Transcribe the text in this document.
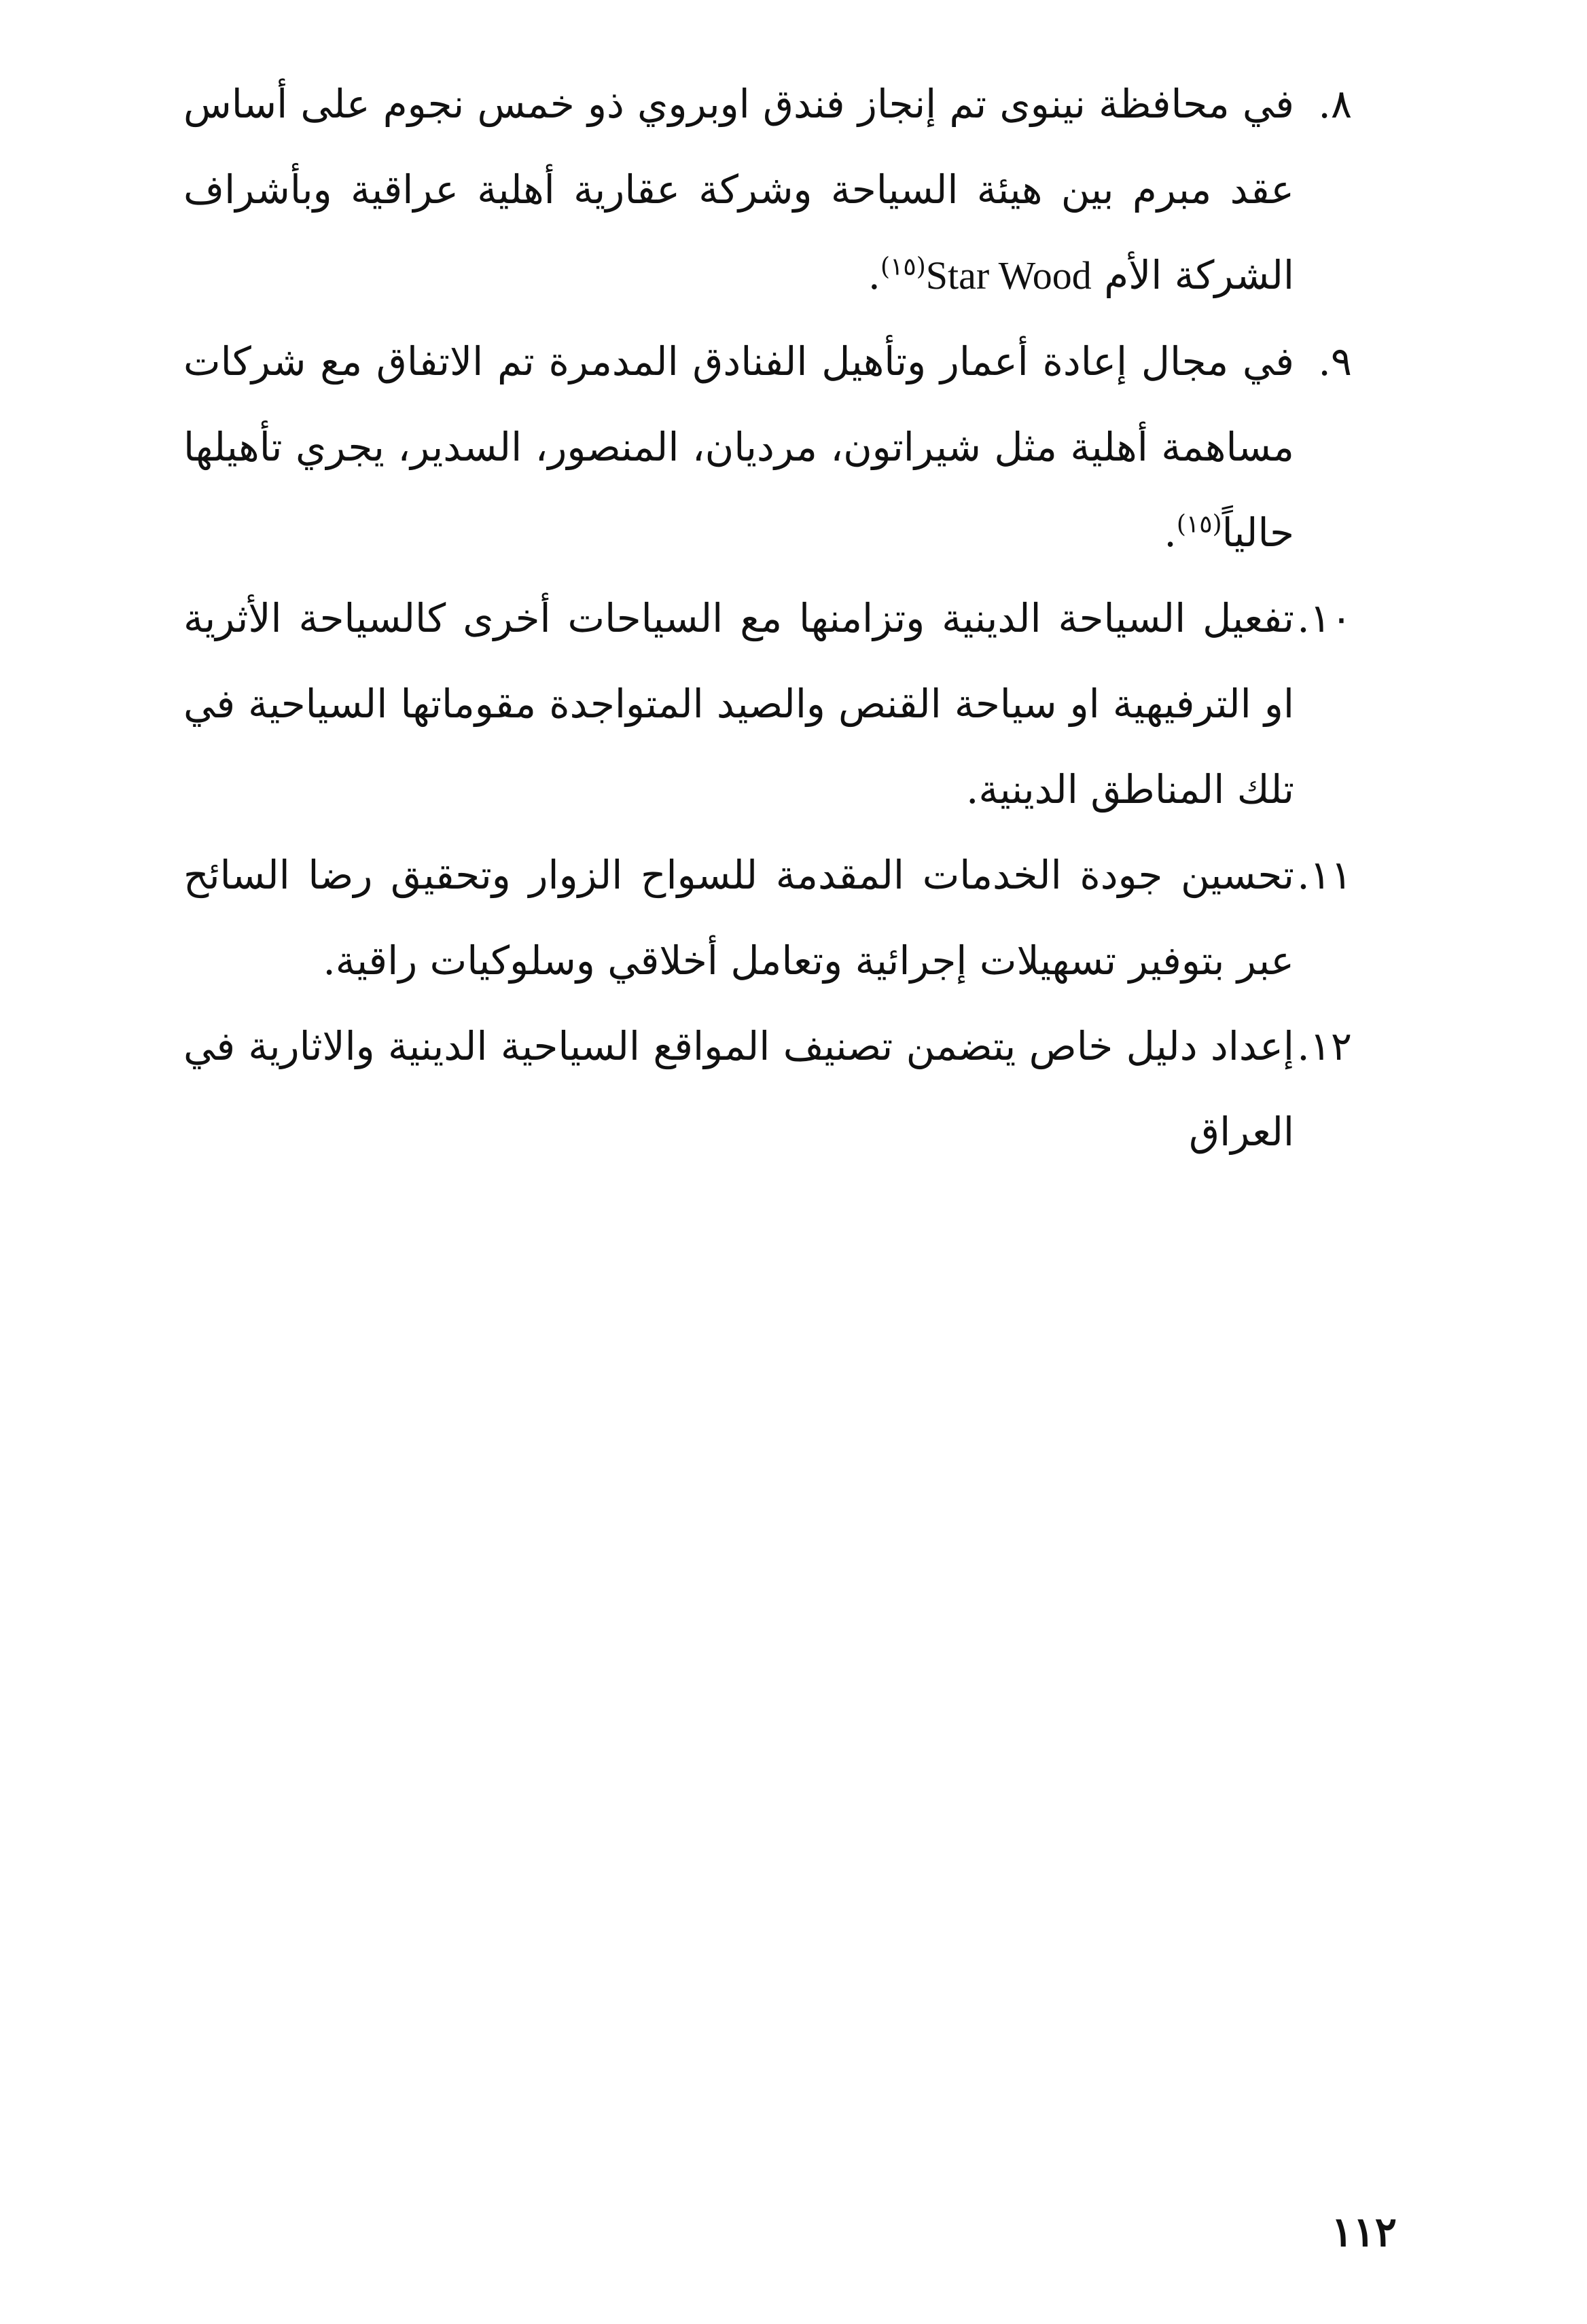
٨.
في محافظة نينوى تم إنجاز فندق اوبروي ذو خمس نجوم على أساس عقد مبرم بين هيئة السياحة وشركة عقارية أهلية عراقية وبأشراف الشركة الأم Star Wood$^{(١٥)}$.
٩.
في مجال إعادة أعمار وتأهيل الفنادق المدمرة تم الاتفاق مع شركات مساهمة أهلية مثل شيراتون، مرديان، المنصور، السدير، يجري تأهيلها حالياً$^{(١٥)}$.
١٠.
تفعيل السياحة الدينية وتزامنها مع السياحات أخرى كالسياحة الأثرية او الترفيهية او سياحة القنص والصيد المتواجدة مقوماتها السياحية في تلك المناطق الدينية.
١١.
تحسين جودة الخدمات المقدمة للسواح الزوار وتحقيق رضا السائح عبر بتوفير تسهيلات إجرائية وتعامل أخلاقي وسلوكيات راقية.
١٢.
إعداد دليل خاص يتضمن تصنيف المواقع السياحية الدينية والاثارية في العراق
١١٢
